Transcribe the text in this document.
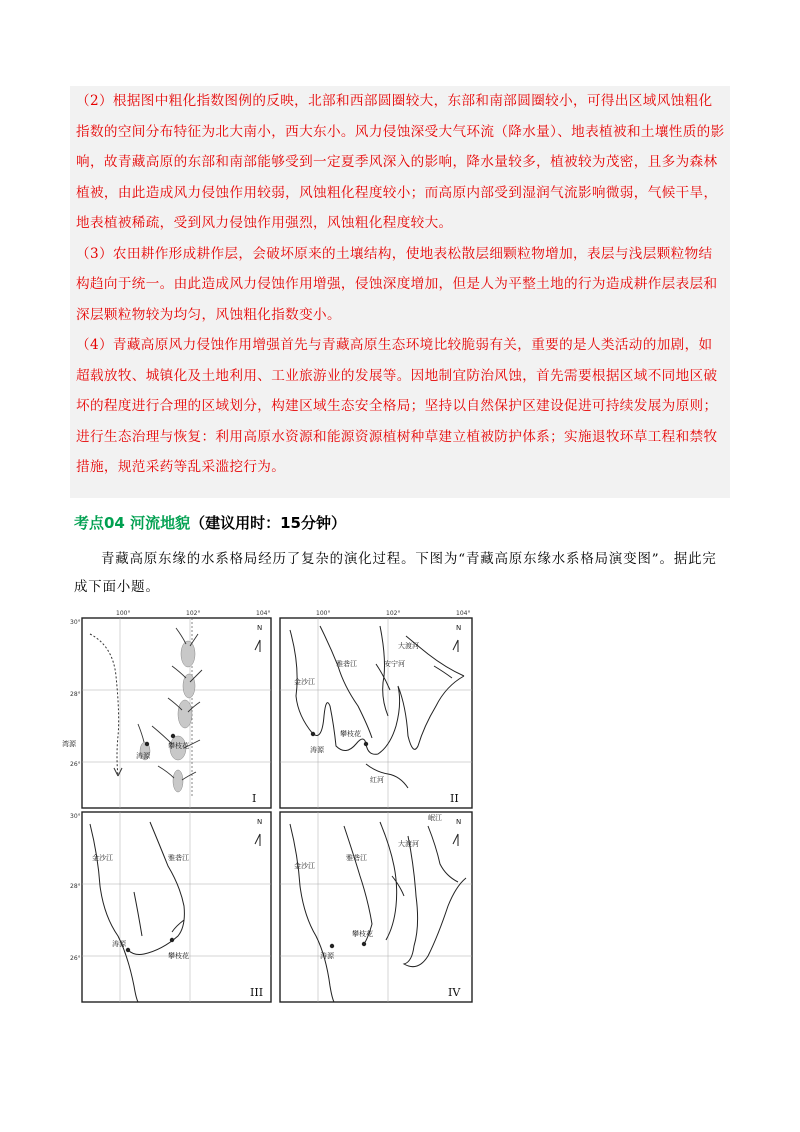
（2）根据图中粗化指数图例的反映，北部和西部圆圈较大，东部和南部圆圈较小，可得出区域风蚀粗化指数的空间分布特征为北大南小，西大东小。风力侵蚀深受大气环流（降水量）、地表植被和土壤性质的影响，故青藏高原的东部和南部能够受到一定夏季风深入的影响，降水量较多，植被较为茂密，且多为森林植被，由此造成风力侵蚀作用较弱，风蚀粗化程度较小；而高原内部受到湿润气流影响微弱，气候干旱，地表植被稀疏，受到风力侵蚀作用强烈，风蚀粗化程度较大。

（3）农田耕作形成耕作层，会破坏原来的土壤结构，使地表松散层细颗粒物增加，表层与浅层颗粒物结构趋向于统一。由此造成风力侵蚀作用增强，侵蚀深度增加，但是人为平整土地的行为造成耕作层表层和深层颗粒物较为均匀，风蚀粗化指数变小。

（4）青藏高原风力侵蚀作用增强首先与青藏高原生态环境比较脆弱有关，重要的是人类活动的加剧，如超载放牧、城镇化及土地利用、工业旅游业的发展等。因地制宜防治风蚀，首先需要根据区域不同地区破坏的程度进行合理的区域划分，构建区域生态安全格局；坚持以自然保护区建设促进可持续发展为原则；进行生态治理与恢复：利用高原水资源和能源资源植树种草建立植被防护体系；实施退牧环草工程和禁牧措施，规范采药等乱采滥挖行为。

考点04 河流地貌（建议用时：15分钟）
青藏高原东缘的水系格局经历了复杂的演化过程。下图为“青藏高原东缘水系格局演变图”。据此完成下面小题。
100°	102°	104°	100°	102°	104°
30°
28°
26°
30°
28°
26°
涛源
攀枝花
湾源
N
I
金沙江
雅砻江	安宁河
大渡河
攀枝花
涛源
红河
N
II
金沙江	雅砻江
涛源
攀枝花
N
III
金沙江
雅砻江
大渡河
岷江
攀枝花
涛源
N
IV
